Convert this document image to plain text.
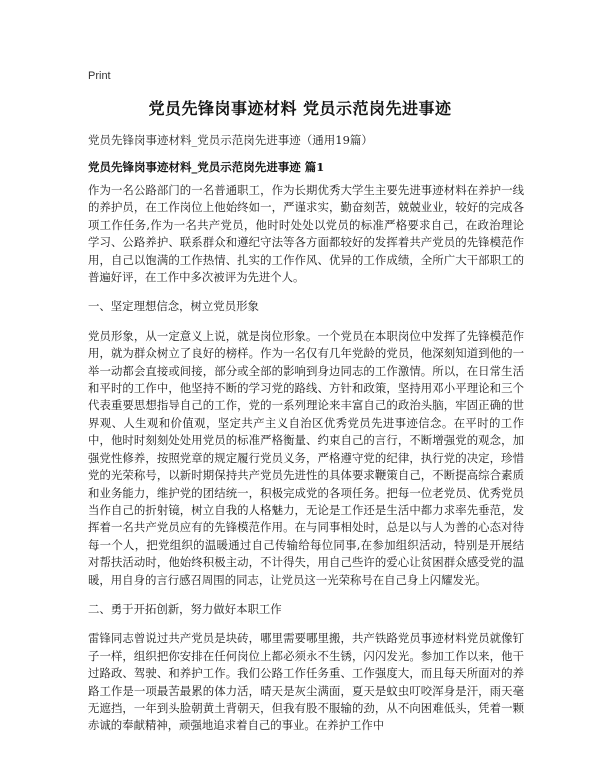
Print
党员先锋岗事迹材料 党员示范岗先进事迹
党员先锋岗事迹材料_党员示范岗先进事迹（通用19篇）
党员先锋岗事迹材料_党员示范岗先进事迹 篇1

作为一名公路部门的一名普通职工，作为长期优秀大学生主要先进事迹材料在养护一线的养护员，在工作岗位上他始终如一，严谨求实，勤奋刻苦，兢兢业业，较好的完成各项工作任务,作为一名共产党员，他时时处处以党员的标准严格要求自己，在政治理论学习、公路养护、联系群众和遵纪守法等各方面都较好的发挥着共产党员的先锋模范作用，自己以饱满的工作热情、扎实的工作作风、优异的工作成绩，全所广大干部职工的普遍好评，在工作中多次被评为先进个人。

一、坚定理想信念，树立党员形象

党员形象，从一定意义上说，就是岗位形象。一个党员在本职岗位中发挥了先锋模范作用，就为群众树立了良好的榜样。作为一名仅有几年党龄的党员，他深刻知道到他的一举一动都会直接或间接，部分或全部的影响到身边同志的工作激情。所以，在日常生活和平时的工作中，他坚持不断的学习党的路线、方针和政策，坚持用邓小平理论和三个代表重要思想指导自己的工作，党的一系列理论来丰富自己的政治头脑，牢固正确的世界观、人生观和价值观，坚定共产主义自治区优秀党员先进事迹信念。在平时的工作中，他时时刻刻处处用党员的标准严格衡量、约束自己的言行，不断增强党的观念，加强党性修养，按照党章的规定履行党员义务，严格遵守党的纪律，执行党的决定，珍惜党的光荣称号，以新时期保持共产党员先进性的具体要求鞭策自己，不断提高综合素质和业务能力，维护党的团结统一，积极完成党的各项任务。把每一位老党员、优秀党员当作自己的折射镜，树立自我的人格魅力，无论是工作还是生活中都力求率先垂范，发挥着一名共产党员应有的先锋模范作用。在与同事相处时，总是以与人为善的心态对待每一个人，把党组织的温暖通过自己传输给每位同事,在参加组织活动，特别是开展结对帮扶活动时，他始终积极主动，不计得失，用自己些许的爱心让贫困群众感受党的温暖，用自身的言行感召周围的同志，让党员这一光荣称号在自己身上闪耀发光。

二、勇于开拓创新，努力做好本职工作

雷锋同志曾说过共产党员是块砖，哪里需要哪里搬，共产铁路党员事迹材料党员就像钉子一样，组织把你安排在任何岗位上都必须永不生锈，闪闪发光。参加工作以来，他干过路政、驾驶、和养护工作。我们公路工作任务重、工作强度大，而且每天所面对的养路工作是一项最苦最累的体力活，晴天是灰尘满面，夏天是蚊虫叮咬浑身是汗，雨天毫无遮挡，一年到头脸朝黄土背朝天，但我有股不服输的劲，从不向困难低头，凭着一颗赤诚的奉献精神，顽强地追求着自己的事业。在养护工作中
